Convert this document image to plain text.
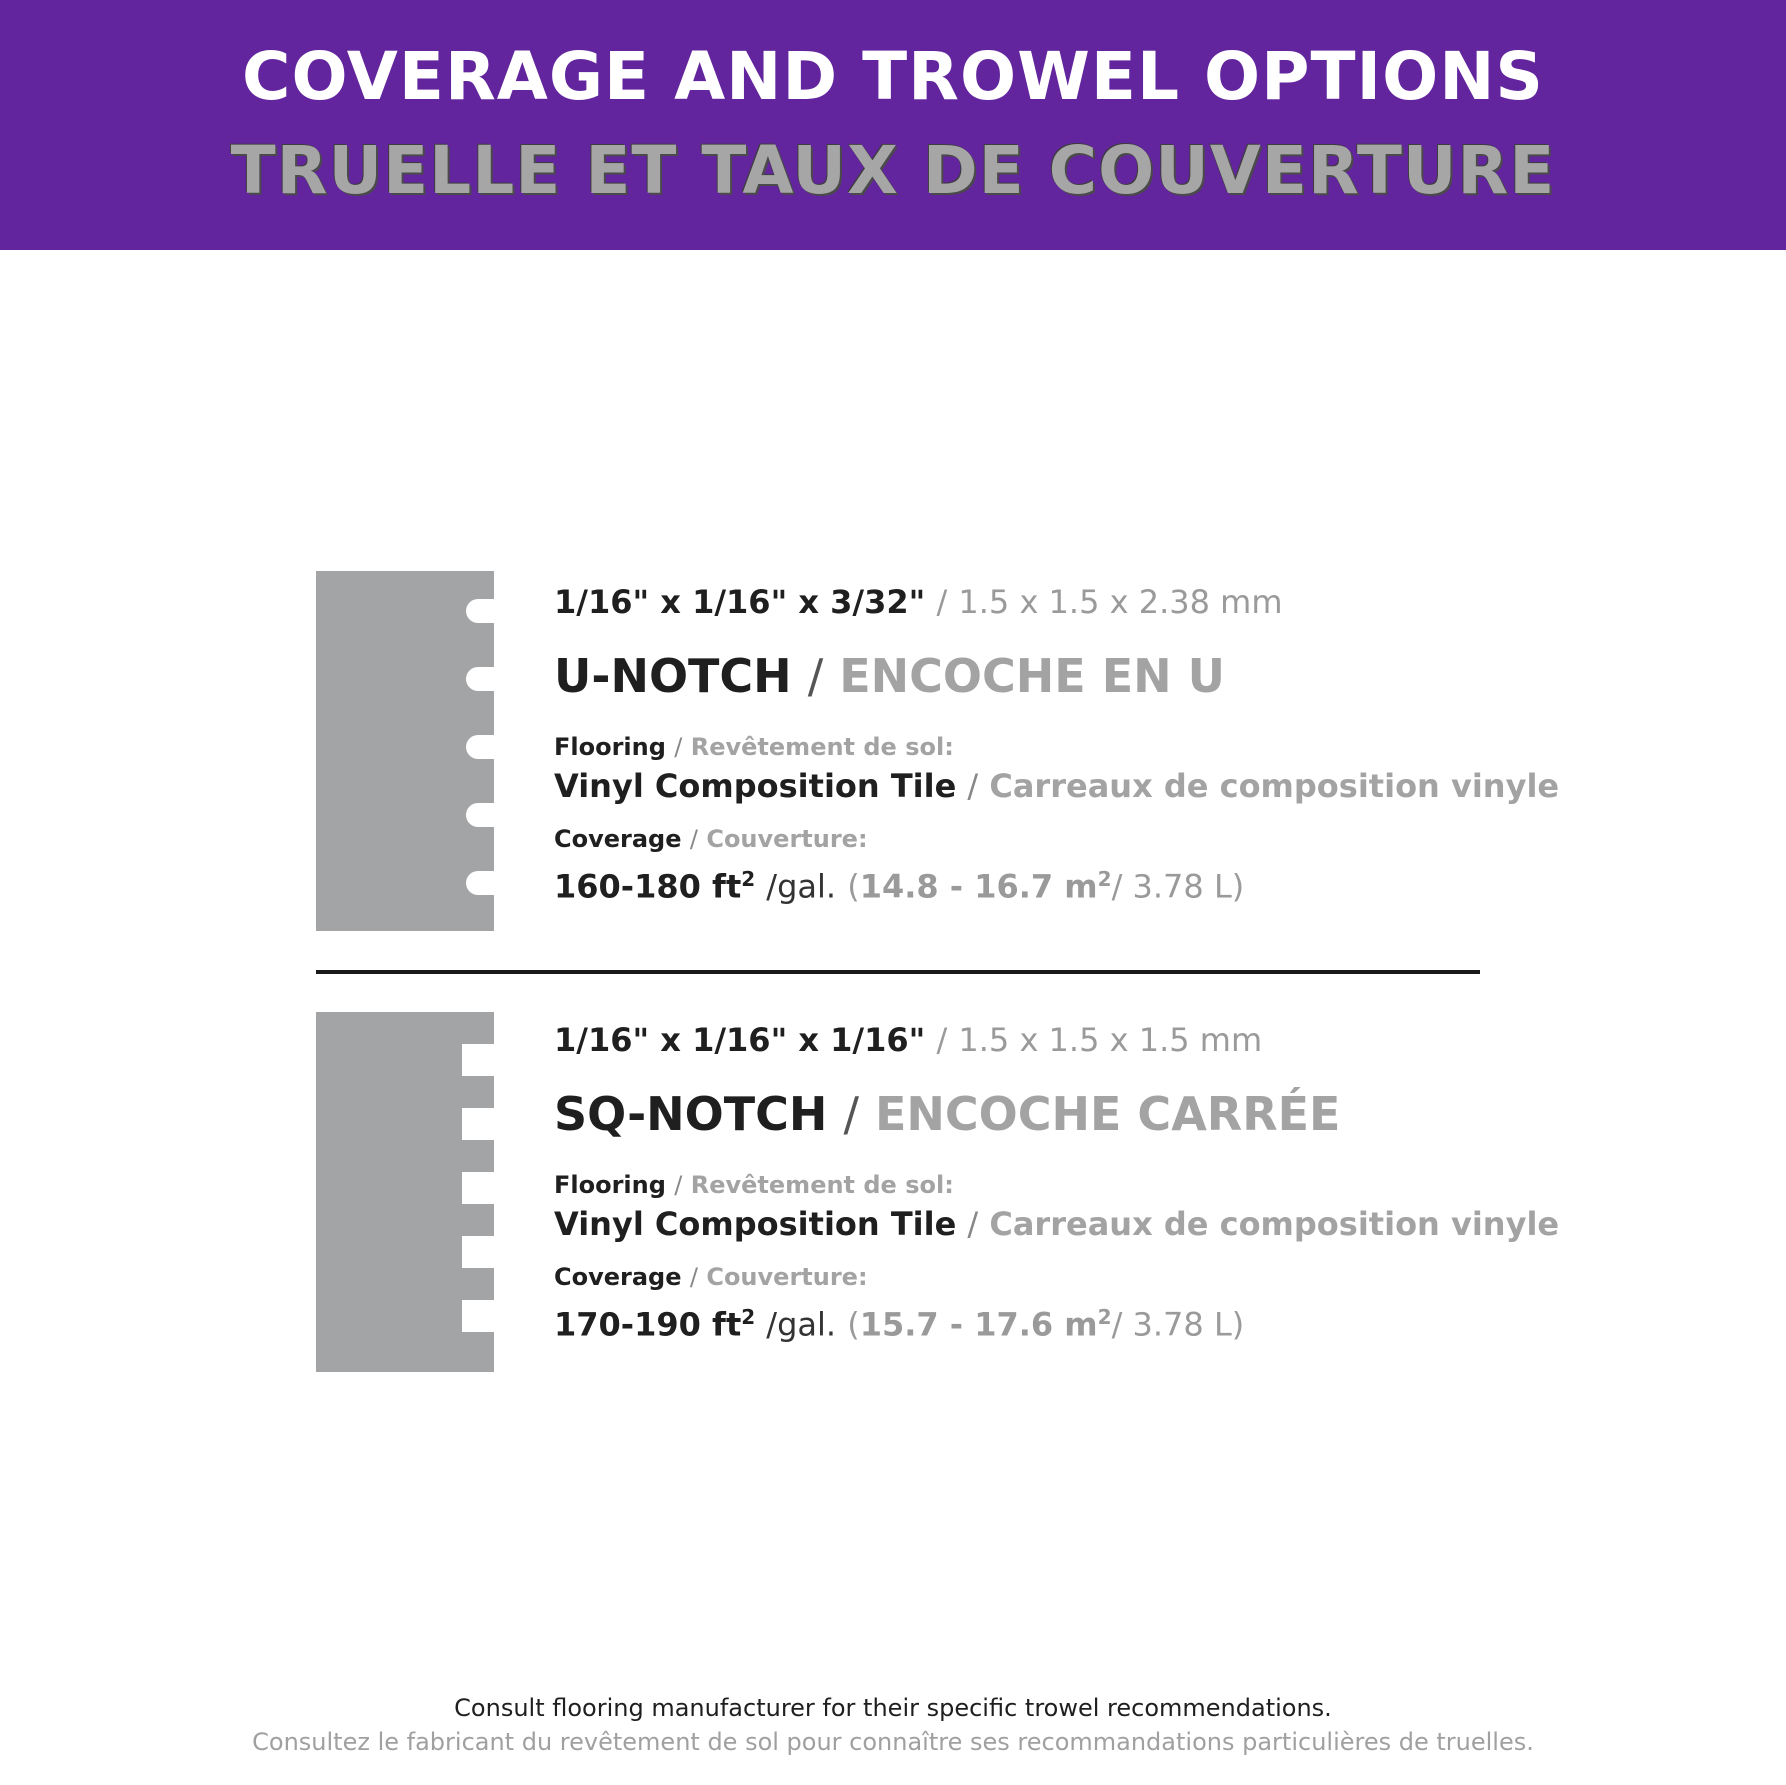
COVERAGE AND TROWEL OPTIONS
TRUELLE ET TAUX DE COUVERTURE
1/16" x 1/16" x 3/32" / 1.5 x 1.5 x 2.38 mm
U-NOTCH / ENCOCHE EN U
Flooring / Revêtement de sol:
Vinyl Composition Tile / Carreaux de composition vinyle
Coverage / Couverture:
160-180 $ft^2$ /gal. (14.8 - 16.7 $m^2/$ 3.78 L)
1/16" x 1/16" x 1/16" / 1.5 x 1.5 x 1.5 mm
SQ-NOTCH / ENCOCHE CARRÉE
Flooring / Revêtement de sol:
Vinyl Composition Tile / Carreaux de composition vinyle
Coverage / Couverture:
170-190 $ft^2$ /gal. (15.7 - 17.6 $m^2/$ 3.78 L)
Consult flooring manufacturer for their specific trowel recommendations.
Consultez le fabricant du revêtement de sol pour connaître ses recommandations particulières de truelles.
